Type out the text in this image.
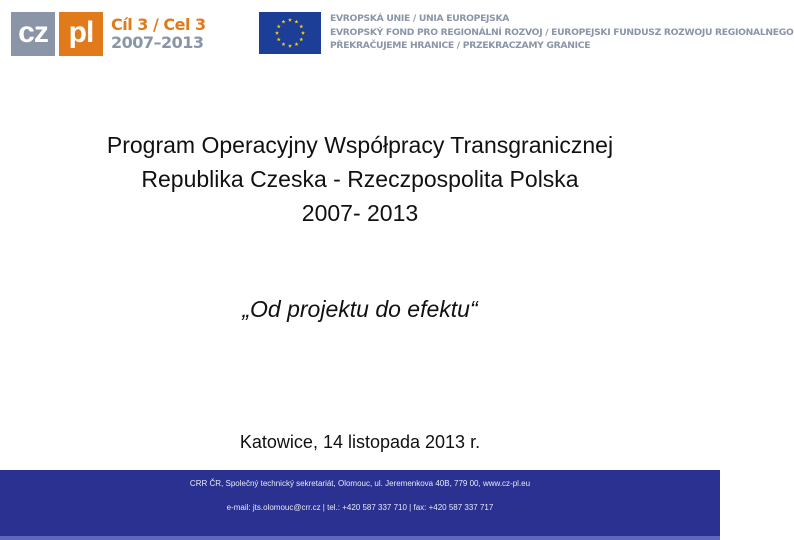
cz pl	Cíl 3 / Cel 3
2007–2013
EVROPSKÁ UNIE / UNIA EUROPEJSKA
EVROPSKÝ FOND PRO REGIONÁLNÍ ROZVOJ / EUROPEJSKI FUNDUSZ ROZWOJU REGIONALNEGO
PŘEKRAČUJEME HRANICE / PRZEKRACZAMY GRANICE
Program Operacyjny Współpracy Transgranicznej
Republika Czeska - Rzeczpospolita Polska
2007- 2013
„Od projektu do efektu“
Katowice, 14 listopada 2013 r.
CRR ČR, Společný technický sekretariát, Olomouc, ul. Jeremenkova 40B, 779 00, www.cz-pl.eu
e-mail: jts.olomouc@crr.cz | tel.: +420 587 337 710 | fax: +420 587 337 717
